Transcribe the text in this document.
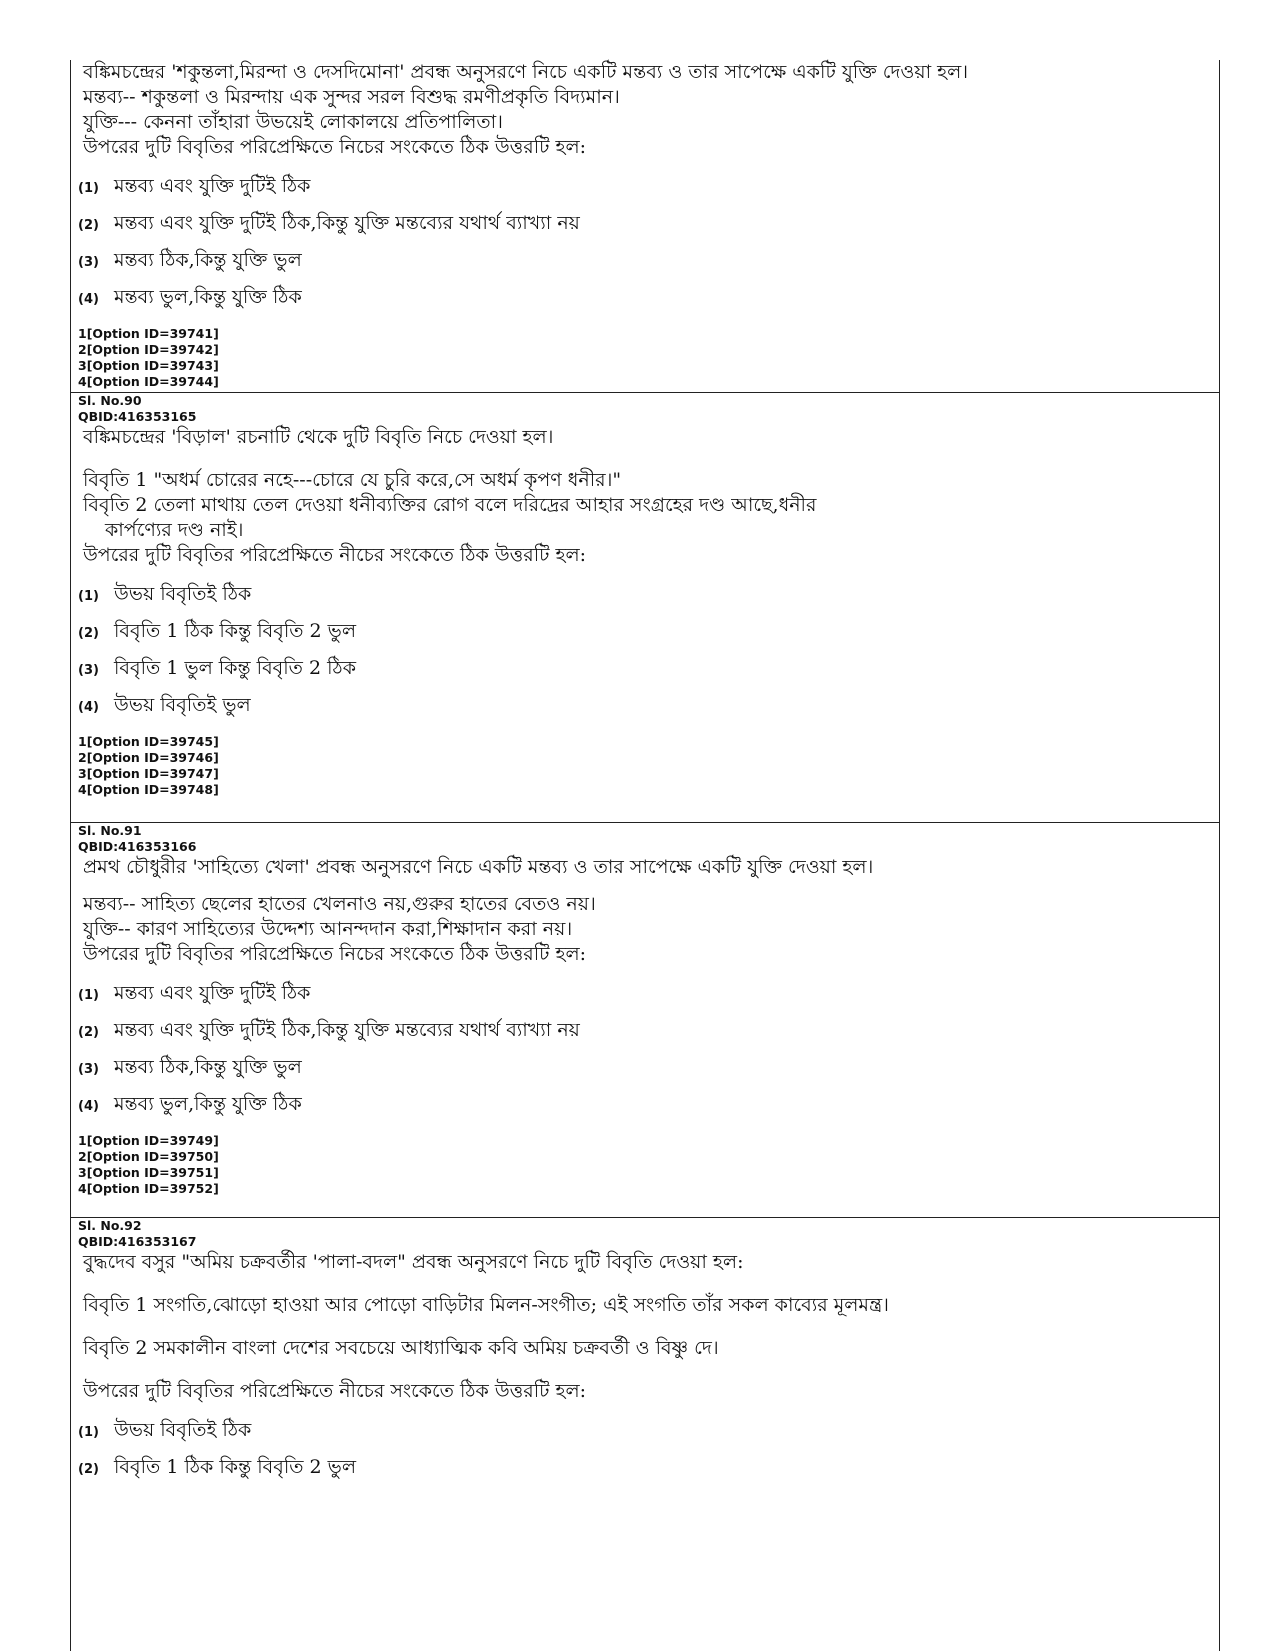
বঙ্কিমচন্দ্রের 'শকুন্তলা,মিরন্দা ও দেসদিমোনা' প্রবন্ধ অনুসরণে নিচে একটি মন্তব্য ও তার সাপেক্ষে একটি যুক্তি দেওয়া হল।
মন্তব্য-- শকুন্তলা ও মিরন্দায় এক সুন্দর সরল বিশুদ্ধ রমণীপ্রকৃতি বিদ্যমান।
যুক্তি--- কেননা তাঁহারা উভয়েই লোকালয়ে প্রতিপালিতা।
উপরের দুটি বিবৃতির পরিপ্রেক্ষিতে নিচের সংকেতে ঠিক উত্তরটি হল:
(1) মন্তব্য এবং যুক্তি দুটিই ঠিক
(2) মন্তব্য এবং যুক্তি দুটিই ঠিক,কিন্তু যুক্তি মন্তব্যের যথার্থ ব্যাখ্যা নয়
(3) মন্তব্য ঠিক,কিন্তু যুক্তি ভুল
(4) মন্তব্য ভুল,কিন্তু যুক্তি ঠিক
1[Option ID=39741]
2[Option ID=39742]
3[Option ID=39743]
4[Option ID=39744]
Sl. No.90
QBID:416353165
বঙ্কিমচন্দ্রের 'বিড়াল' রচনাটি থেকে দুটি বিবৃতি নিচে দেওয়া হল।
বিবৃতি 1 "অধর্ম চোরের নহে---চোরে যে চুরি করে,সে অধর্ম কৃপণ ধনীর।"
বিবৃতি 2 তেলা মাথায় তেল দেওয়া ধনীব্যক্তির রোগ বলে দরিদ্রের আহার সংগ্রহের দণ্ড আছে,ধনীর
কার্পণ্যের দণ্ড নাই।
উপরের দুটি বিবৃতির পরিপ্রেক্ষিতে নীচের সংকেতে ঠিক উত্তরটি হল:
(1) উভয় বিবৃতিই ঠিক
(2) বিবৃতি 1 ঠিক কিন্তু বিবৃতি 2 ভুল
(3) বিবৃতি 1 ভুল কিন্তু বিবৃতি 2 ঠিক
(4) উভয় বিবৃতিই ভুল
1[Option ID=39745]
2[Option ID=39746]
3[Option ID=39747]
4[Option ID=39748]
Sl. No.91
QBID:416353166
প্রমথ চৌধুরীর 'সাহিত্যে খেলা' প্রবন্ধ অনুসরণে নিচে একটি মন্তব্য ও তার সাপেক্ষে একটি যুক্তি দেওয়া হল।
মন্তব্য-- সাহিত্য ছেলের হাতের খেলনাও নয়,গুরুর হাতের বেতও নয়।
যুক্তি-- কারণ সাহিত্যের উদ্দেশ্য আনন্দদান করা,শিক্ষাদান করা নয়।
উপরের দুটি বিবৃতির পরিপ্রেক্ষিতে নিচের সংকেতে ঠিক উত্তরটি হল:
(1) মন্তব্য এবং যুক্তি দুটিই ঠিক
(2) মন্তব্য এবং যুক্তি দুটিই ঠিক,কিন্তু যুক্তি মন্তব্যের যথার্থ ব্যাখ্যা নয়
(3) মন্তব্য ঠিক,কিন্তু যুক্তি ভুল
(4) মন্তব্য ভুল,কিন্তু যুক্তি ঠিক
1[Option ID=39749]
2[Option ID=39750]
3[Option ID=39751]
4[Option ID=39752]
Sl. No.92
QBID:416353167
বুদ্ধদেব বসুর "অমিয় চক্রবর্তীর 'পালা-বদল" প্রবন্ধ অনুসরণে নিচে দুটি বিবৃতি দেওয়া হল:
বিবৃতি 1 সংগতি,ঝোড়ো হাওয়া আর পোড়ো বাড়িটার মিলন-সংগীত; এই সংগতি তাঁর সকল কাব্যের মূলমন্ত্র।
বিবৃতি 2 সমকালীন বাংলা দেশের সবচেয়ে আধ্যাত্মিক কবি অমিয় চক্রবর্তী ও বিষ্ণু দে।
উপরের দুটি বিবৃতির পরিপ্রেক্ষিতে নীচের সংকেতে ঠিক উত্তরটি হল:
(1) উভয় বিবৃতিই ঠিক
(2) বিবৃতি 1 ঠিক কিন্তু বিবৃতি 2 ভুল
